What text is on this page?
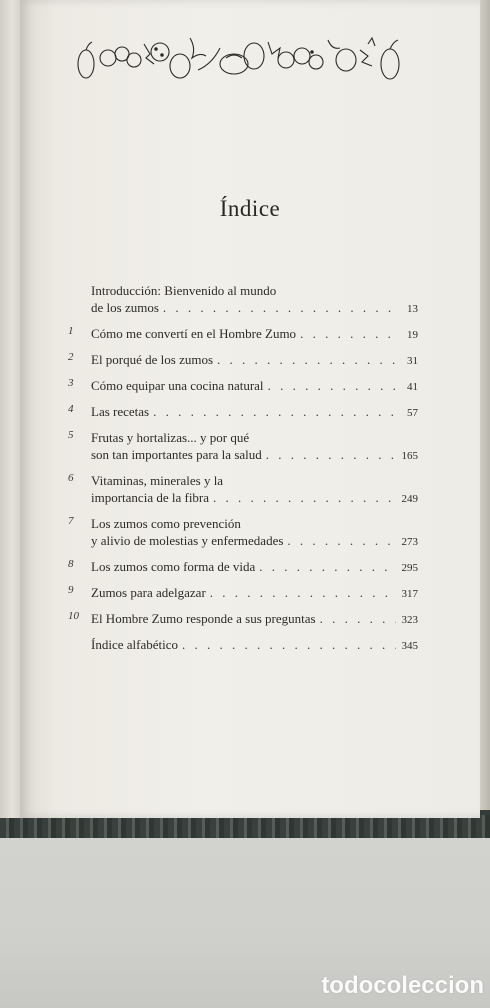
Índice
Introducción: Bienvenido al mundo
de los zumos . . .	13
1	Cómo me convertí en el Hombre Zumo . . .	19
2	El porqué de los zumos . . .	31
3	Cómo equipar una cocina natural . . .	41
4	Las recetas . . .	57
5	Frutas y hortalizas... y por qué
son tan importantes para la salud . . .	165
6	Vitaminas, minerales y la
importancia de la fibra . . .	249
7	Los zumos como prevención
y alivio de molestias y enfermedades . . .	273
8	Los zumos como forma de vida . . .	295
9	Zumos para adelgazar . . .	317
10 El Hombre Zumo responde a sus preguntas . . .	323
Índice alfabético . . .	345
todocoleccion
